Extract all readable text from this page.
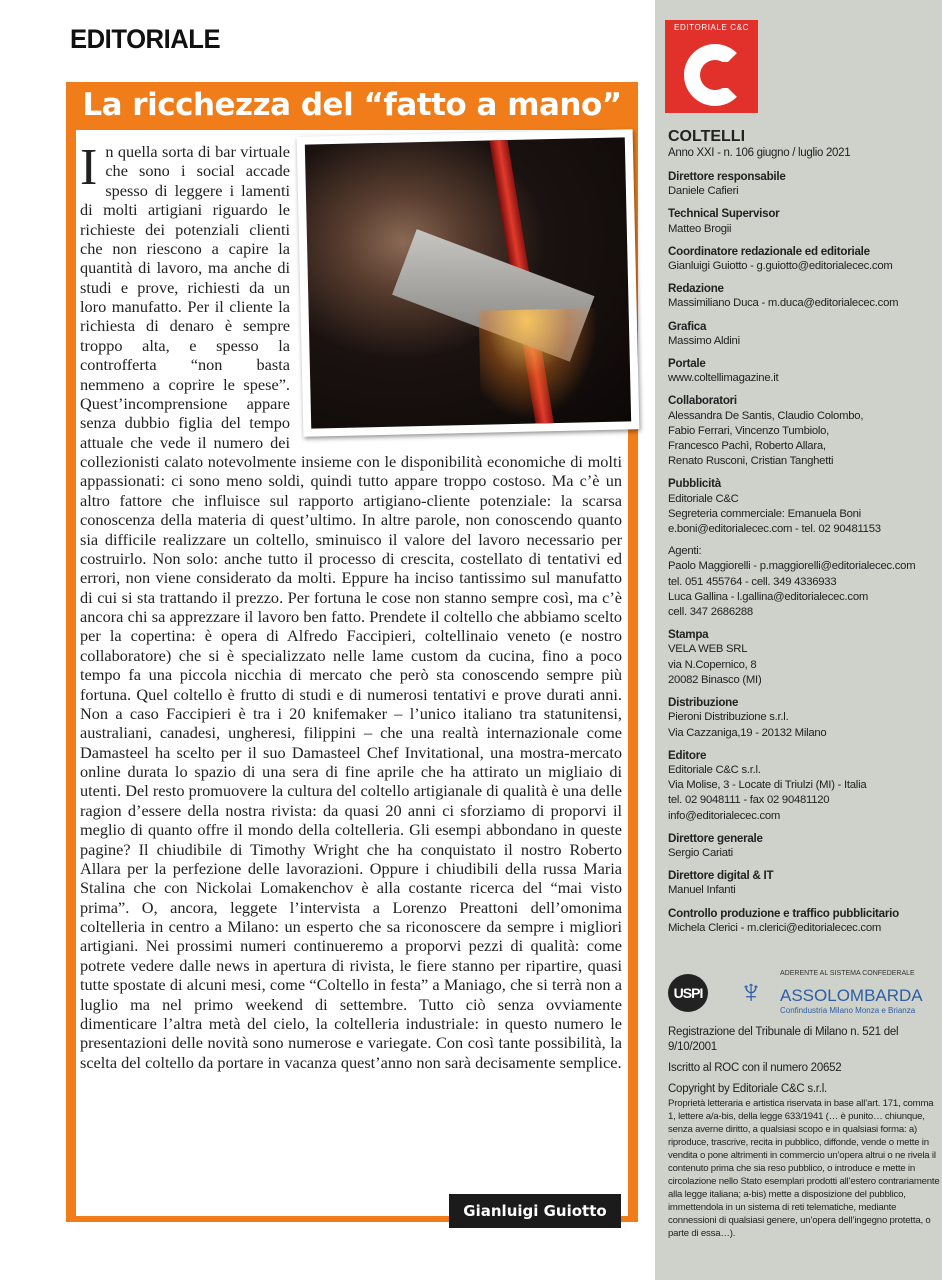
EDITORIALE
La ricchezza del “fatto a mano”
In quella sorta di bar virtuale che sono i social accade spesso di leggere i lamenti di molti artigiani riguardo le richieste dei potenziali clienti che non riescono a capire la quantità di lavoro, ma anche di studi e prove, richiesti da un loro manufatto. Per il cliente la richiesta di denaro è sempre troppo alta, e spesso la controfferta “non basta nemmeno a coprire le spese”. Quest’incomprensione appare senza dubbio figlia del tempo attuale che vede il numero dei collezionisti calato notevolmente insieme con le disponibilità economiche di molti appassionati: ci sono meno soldi, quindi tutto appare troppo costoso. Ma c’è un altro fattore che influisce sul rapporto artigiano-cliente potenziale: la scarsa conoscenza della materia di quest’ultimo. In altre parole, non conoscendo quanto sia difficile realizzare un coltello, sminuisco il valore del lavoro necessario per costruirlo. Non solo: anche tutto il processo di crescita, costellato di tentativi ed errori, non viene considerato da molti. Eppure ha inciso tantissimo sul manufatto di cui si sta trattando il prezzo. Per fortuna le cose non stanno sempre così, ma c’è ancora chi sa apprezzare il lavoro ben fatto. Prendete il coltello che abbiamo scelto per la copertina: è opera di Alfredo Faccipieri, coltellinaio veneto (e nostro collaboratore) che si è specializzato nelle lame custom da cucina, fino a poco tempo fa una piccola nicchia di mercato che però sta conoscendo sempre più fortuna. Quel coltello è frutto di studi e di numerosi tentativi e prove durati anni. Non a caso Faccipieri è tra i 20 knifemaker – l’unico italiano tra statunitensi, australiani, canadesi, ungheresi, filippini – che una realtà internazionale come Damasteel ha scelto per il suo Damasteel Chef Invitational, una mostra-mercato online durata lo spazio di una sera di fine aprile che ha attirato un migliaio di utenti. Del resto promuovere la cultura del coltello artigianale di qualità è una delle ragion d’essere della nostra rivista: da quasi 20 anni ci sforziamo di proporvi il meglio di quanto offre il mondo della coltelleria. Gli esempi abbondano in queste pagine? Il chiudibile di Timothy Wright che ha conquistato il nostro Roberto Allara per la perfezione delle lavorazioni. Oppure i chiudibili della russa Maria Stalina che con Nickolai Lomakenchov è alla costante ricerca del “mai visto prima”. O, ancora, leggete l’intervista a Lorenzo Preattoni dell’omonima coltelleria in centro a Milano: un esperto che sa riconoscere da sempre i migliori artigiani. Nei prossimi numeri continueremo a proporvi pezzi di qualità: come potrete vedere dalle news in apertura di rivista, le fiere stanno per ripartire, quasi tutte spostate di alcuni mesi, come “Coltello in festa” a Maniago, che si terrà non a luglio ma nel primo weekend di settembre. Tutto ciò senza ovviamente dimenticare l’altra metà del cielo, la coltelleria industriale: in questo numero le presentazioni delle novità sono numerose e variegate. Con così tante possibilità, la scelta del coltello da portare in vacanza quest’anno non sarà decisamente semplice.
Gianluigi Guiotto
EDITORIALE C&C
COLTELLI
Anno XXI - n. 106 giugno / luglio 2021
Direttore responsabile
Daniele Cafieri
Technical Supervisor
Matteo Brogii
Coordinatore redazionale ed editoriale
Gianluigi Guiotto - g.guiotto@editorialecec.com
Redazione
Massimiliano Duca - m.duca@editorialecec.com
Grafica
Massimo Aldini
Portale
www.coltellimagazine.it
Collaboratori
Alessandra De Santis, Claudio Colombo,
Fabio Ferrari, Vincenzo Tumbiolo,
Francesco Pachì, Roberto Allara,
Renato Rusconi, Cristian Tanghetti
Pubblicità
Editoriale C&C
Segreteria commerciale: Emanuela Boni
e.boni@editorialecec.com - tel. 02 90481153
Agenti:
Paolo Maggiorelli - p.maggiorelli@editorialecec.com
tel. 051 455764 - cell. 349 4336933
Luca Gallina - l.gallina@editorialecec.com
cell. 347 2686288
Stampa
VELA WEB SRL
via N.Copernico, 8
20082 Binasco (MI)
Distribuzione
Pieroni Distribuzione s.r.l.
Via Cazzaniga,19 - 20132 Milano
Editore
Editoriale C&C s.r.l.
Via Molise, 3 - Locate di Triulzi (MI) - Italia
tel. 02 9048111 - fax 02 90481120
info@editorialecec.com
Direttore generale
Sergio Cariati
Direttore digital & IT
Manuel Infanti
Controllo produzione e traffico pubblicitario
Michela Clerici - m.clerici@editorialecec.com
USPI	♆	ADERENTE AL SISTEMA CONFEDERALE
ASSOLOMBARDA
Confindustria Milano Monza e Brianza

Registrazione del Tribunale di Milano n. 521 del 9/10/2001

Iscritto al ROC con il numero 20652

Copyright by Editoriale C&C s.r.l.
Proprietà letteraria e artistica riservata in base all’art. 171, comma 1, lettere a/a-bis, della legge 633/1941 (… è punito… chiunque, senza averne diritto, a qualsiasi scopo e in qualsiasi forma: a) riproduce, trascrive, recita in pubblico, diffonde, vende o mette in vendita o pone altrimenti in commercio un’opera altrui o ne rivela il contenuto prima che sia reso pubblico, o introduce e mette in circolazione nello Stato esemplari prodotti all’estero contrariamente alla legge italiana; a-bis) mette a disposizione del pubblico, immettendola in un sistema di reti telematiche, mediante connessioni di qualsiasi genere, un’opera dell’ingegno protetta, o parte di essa…).
